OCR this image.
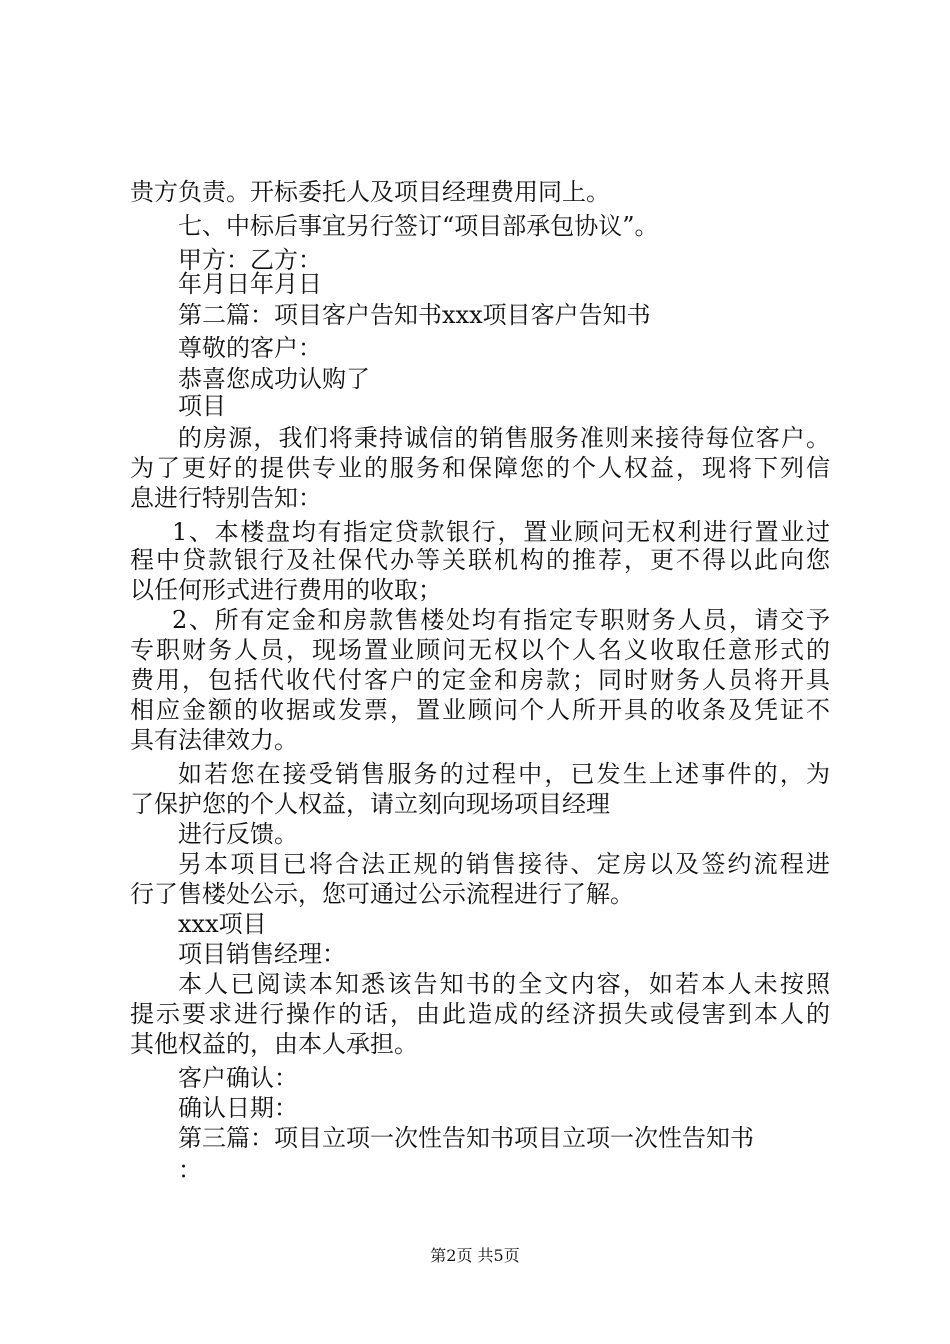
贵方负责。开标委托人及项目经理费用同上。
七、中标后事宜另行签订“项目部承包协议”。
甲方：乙方：
年月日年月日
第二篇：项目客户告知书xxx项目客户告知书
尊敬的客户：
恭喜您成功认购了
项目
的房源，我们将秉持诚信的销售服务准则来接待每位客户。
为了更好的提供专业的服务和保障您的个人权益，现将下列信
息进行特别告知：
1、本楼盘均有指定贷款银行，置业顾问无权利进行置业过
程中贷款银行及社保代办等关联机构的推荐，更不得以此向您
以任何形式进行费用的收取；
2、所有定金和房款售楼处均有指定专职财务人员，请交予
专职财务人员，现场置业顾问无权以个人名义收取任意形式的
费用，包括代收代付客户的定金和房款；同时财务人员将开具
相应金额的收据或发票，置业顾问个人所开具的收条及凭证不
具有法律效力。
如若您在接受销售服务的过程中，已发生上述事件的，为
了保护您的个人权益，请立刻向现场项目经理
进行反馈。
另本项目已将合法正规的销售接待、定房以及签约流程进
行了售楼处公示，您可通过公示流程进行了解。
xxx项目
项目销售经理：
本人已阅读本知悉该告知书的全文内容，如若本人未按照
提示要求进行操作的话，由此造成的经济损失或侵害到本人的
其他权益的，由本人承担。
客户确认：
确认日期：
第三篇：项目立项一次性告知书项目立项一次性告知书
：
第2页 共5页
